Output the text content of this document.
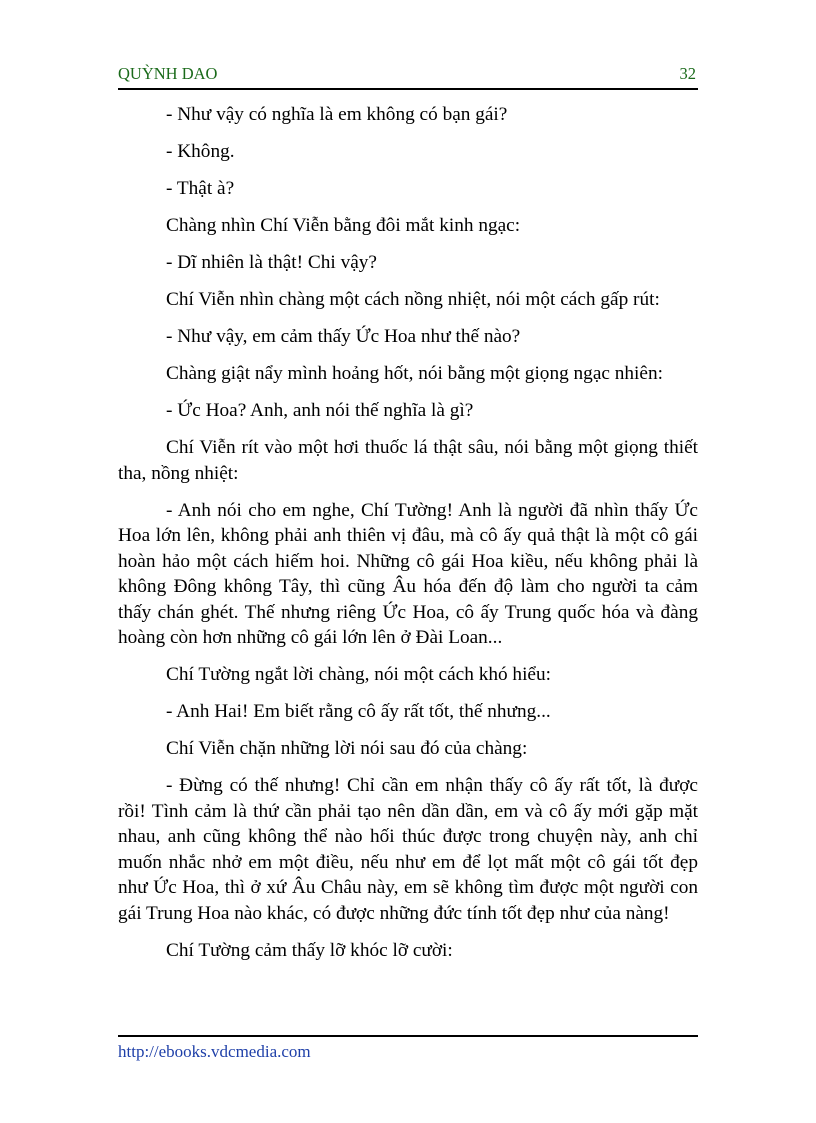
QUỲNH DAO	32

- Như vậy có nghĩa là em không có bạn gái?

- Không.

- Thật à?

Chàng nhìn Chí Viễn bằng đôi mắt kinh ngạc:

- Dĩ nhiên là thật! Chi vậy?

Chí Viễn nhìn chàng một cách nồng nhiệt, nói một cách gấp rút:

- Như vậy, em cảm thấy Ức Hoa như thế nào?

Chàng giật nẩy mình hoảng hốt, nói bằng một giọng ngạc nhiên:

- Ức Hoa? Anh, anh nói thế nghĩa là gì?

Chí Viễn rít vào một hơi thuốc lá thật sâu, nói bằng một giọng thiết tha, nồng nhiệt:

- Anh nói cho em nghe, Chí Tường! Anh là người đã nhìn thấy Ức Hoa lớn lên, không phải anh thiên vị đâu, mà cô ấy quả thật là một cô gái hoàn hảo một cách hiếm hoi. Những cô gái Hoa kiều, nếu không phải là không Đông không Tây, thì cũng Âu hóa đến độ làm cho người ta cảm thấy chán ghét. Thế nhưng riêng Ức Hoa, cô ấy Trung quốc hóa và đàng hoàng còn hơn những cô gái lớn lên ở Đài Loan...

Chí Tường ngắt lời chàng, nói một cách khó hiểu:

- Anh Hai! Em biết rằng cô ấy rất tốt, thế nhưng...

Chí Viễn chặn những lời nói sau đó của chàng:

- Đừng có thế nhưng! Chỉ cần em nhận thấy cô ấy rất tốt, là được rồi! Tình cảm là thứ cần phải tạo nên dần dần, em và cô ấy mới gặp mặt nhau, anh cũng không thể nào hối thúc được trong chuyện này, anh chỉ muốn nhắc nhở em một điều, nếu như em để lọt mất một cô gái tốt đẹp như Ức Hoa, thì ở xứ Âu Châu này, em sẽ không tìm được một người con gái Trung Hoa nào khác, có được những đức tính tốt đẹp như của nàng!

Chí Tường cảm thấy lỡ khóc lỡ cười:

http://ebooks.vdcmedia.com
